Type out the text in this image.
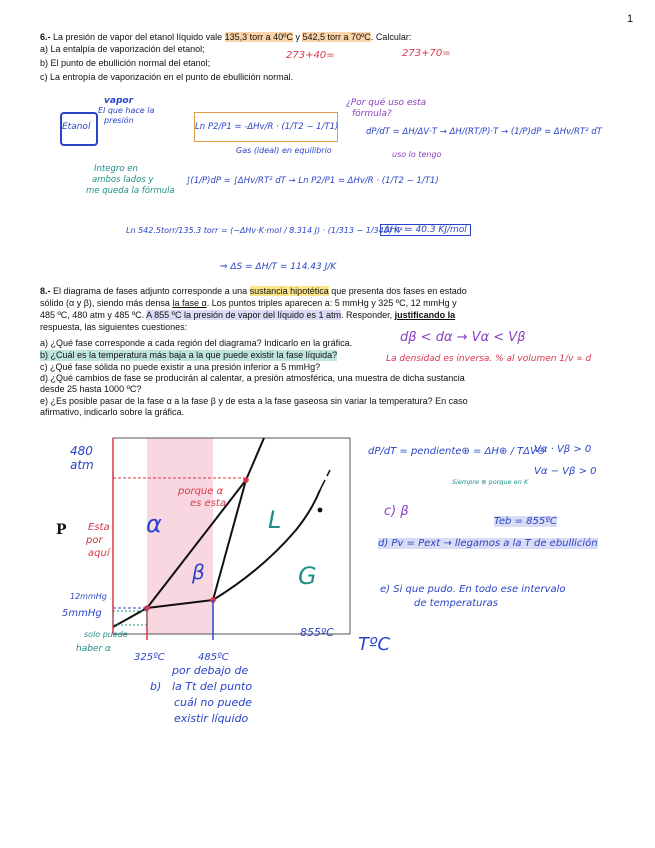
1
6.- La presión de vapor del etanol líquido vale 135,3 torr a 40ºC y 542,5 torr a 70ºC. Calcular:
a) La entalpía de vaporización del etanol;
b) El punto de ebullición normal del etanol;
c) La entropía de vaporización en el punto de ebullición normal.
273+40=	273+70=
Etanol
vapor
El que hace la
presión
Ln P2/P1 = -ΔHv/R · (1/T2 − 1/T1)
Gas (ideal) en equilibrio
¿Por qué uso esta
fórmula?
dP/dT = ΔH/ΔV·T → ΔH/(RT/P)·T → (1/P)dP = ΔHv/RT² dT
uso lo tengo
Integro en
ambos lados y
me queda la fórmula
∫(1/P)dP = ∫ΔHv/RT² dT → Ln P2/P1 = ΔHv/R · (1/T2 − 1/T1)
Ln 542.5torr/135.3 torr = (−ΔHv·K·mol / 8.314 J) · (1/313 − 1/343) K⁻¹
ΔHv = 40.3 KJ/mol
⇒ ΔS = ΔH/T = 114.43 J/K
8.- El diagrama de fases adjunto corresponde a una sustancia hipotética que presenta dos fases en estado
sólido (α y β), siendo más densa la fase α. Los puntos triples aparecen a: 5 mmHg y 325 ºC, 12 mmHg y
485 ºC, 480 atm y 485 ºC. A 855 ºC la presión de vapor del líquido es 1 atm. Responder, justificando la
respuesta, las siguientes cuestiones:
a) ¿Qué fase corresponde a cada región del diagrama? Indicarlo en la gráfica.
b) ¿Cuál es la temperatura más baja a la que puede existir la fase líquida?
c) ¿Qué fase sólida no puede existir a una presión inferior a 5 mmHg?
d) ¿Qué cambios de fase se producirán al calentar, a presión atmosférica, una muestra de dicha sustancia
desde 25 hasta 1000 ºC?
e) ¿Es posible pasar de la fase α a la fase β y de esta a la fase gaseosa sin variar la temperatura? En caso
afirmativo, indicarlo sobre la gráfica.
dβ < dα → Vα < Vβ
La densidad es inversa. % al volumen 1/v ∝ d
dP/dT = pendiente⊕ = ΔH⊕ / TΔV⊖
Siempre ⊕ porque en K
Vα · Vβ > 0
Vα − Vβ > 0
c) β
Teb = 855ºC
d) Pv = Pext → llegamos a la T de ebullición
e) Si que pudo. En todo ese intervalo
de temperaturas
P
TºC
α
β
L
G
480
atm
12mmHg
5mmHg
325ºC	485ºC
855ºC
Esta
por
aquí
porque α
es esta
solo puede
haber α
por debajo de
b) la Tt del punto
cuál no puede
existir líquido
